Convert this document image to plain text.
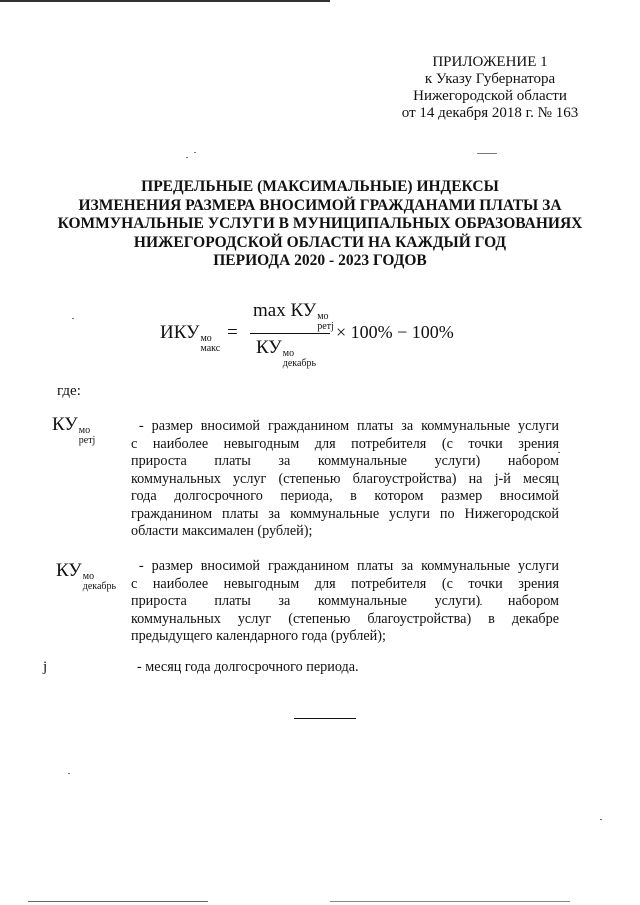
ПРИЛОЖЕНИЕ 1
к Указу Губернатора
Нижегородской области
от 14 декабря 2018 г. № 163
ПРЕДЕЛЬНЫЕ (МАКСИМАЛЬНЫЕ) ИНДЕКСЫ
ИЗМЕНЕНИЯ РАЗМЕРА ВНОСИМОЙ ГРАЖДАНАМИ ПЛАТЫ ЗА
КОММУНАЛЬНЫЕ УСЛУГИ В МУНИЦИПАЛЬНЫХ ОБРАЗОВАНИЯХ
НИЖЕГОРОДСКОЙ ОБЛАСТИ НА КАЖДЫЙ ГОД
ПЕРИОДА 2020 - 2023 ГОДОВ
ИКУ мо
макс
=
max КУ мо
ретj
КУ мо
декабрь
× 100% − 100%
где:
КУ мо
ретj
- размер вносимой гражданином платы за коммунальные услуги
с наиболее невыгодным для потребителя (с точки зрения
прироста платы за коммунальные услуги) набором
коммунальных услуг (степенью благоустройства) на j-й месяц
года долгосрочного периода, в котором размер вносимой
гражданином платы за коммунальные услуги по Нижегородской
области максимален (рублей);
КУ мо
декабрь
- размер вносимой гражданином платы за коммунальные услуги
с наиболее невыгодным для потребителя (с точки зрения
прироста платы за коммунальные услуги) набором
коммунальных услуг (степенью благоустройства) в декабре
предыдущего календарного года (рублей);
j	- месяц года долгосрочного периода.
